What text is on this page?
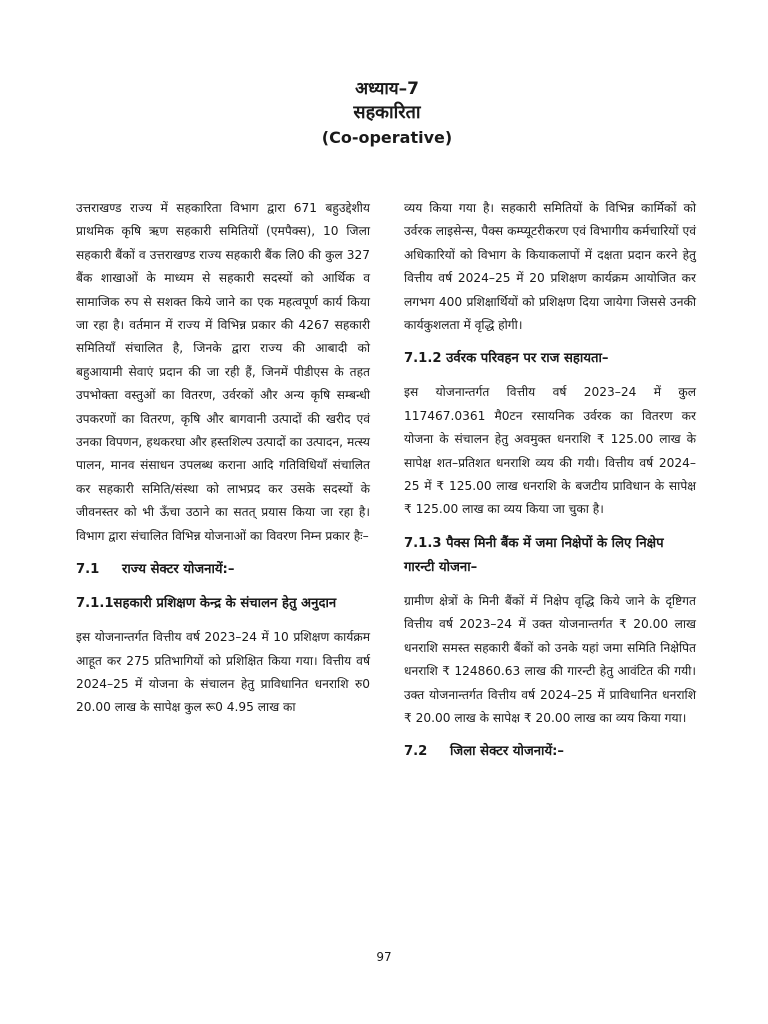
अध्याय–7
सहकारिता
(Co-operative)

उत्तराखण्ड राज्य में सहकारिता विभाग द्वारा 671 बहुउद्देशीय प्राथमिक कृषि ऋण सहकारी समितियों (एमपैक्स), 10 जिला सहकारी बैंकों व उत्तराखण्ड राज्य सहकारी बैंक लि0 की कुल 327 बैंक शाखाओं के माध्यम से सहकारी सदस्यों को आर्थिक व सामाजिक रुप से सशक्त किये जाने का एक महत्वपूर्ण कार्य किया जा रहा है। वर्तमान में राज्य में विभिन्न प्रकार की 4267 सहकारी समितियाँ संचालित है, जिनके द्वारा राज्य की आबादी को बहुआयामी सेवाएं प्रदान की जा रही हैं, जिनमें पीडीएस के तहत उपभोक्ता वस्तुओं का वितरण, उर्वरकों और अन्य कृषि सम्बन्धी उपकरणों का वितरण, कृषि और बागवानी उत्पादों की खरीद एवं उनका विपणन, हथकरघा और हस्तशिल्प उत्पादों का उत्पादन, मत्स्य पालन, मानव संसाधन उपलब्ध कराना आदि गतिविधियाँ संचालित कर सहकारी समिति/संस्था को लाभप्रद कर उसके सदस्यों के जीवनस्तर को भी ऊँचा उठाने का सतत् प्रयास किया जा रहा है। विभाग द्वारा संचालित विभिन्न योजनाओं का विवरण निम्न प्रकार हैः–

7.1 राज्य सेक्टर योजनायें:–
7.1.1सहकारी प्रशिक्षण केन्द्र के संचालन हेतु अनुदान

इस योजनान्तर्गत वित्तीय वर्ष 2023–24 में 10 प्रशिक्षण कार्यक्रम आहूत कर 275 प्रतिभागियों को प्रशिक्षित किया गया। वित्तीय वर्ष 2024–25 में योजना के संचालन हेतु प्राविधानित धनराशि रु0 20.00 लाख के सापेक्ष कुल रू0 4.95 लाख का

व्यय किया गया है। सहकारी समितियों के विभिन्न कार्मिकों को उर्वरक लाइसेन्स, पैक्स कम्प्यूटरीकरण एवं विभागीय कर्मचारियों एवं अधिकारियों को विभाग के कियाकलापों में दक्षता प्रदान करने हेतु वित्तीय वर्ष 2024–25 में 20 प्रशिक्षण कार्यक्रम आयोजित कर लगभग 400 प्रशिक्षार्थियों को प्रशिक्षण दिया जायेगा जिससे उनकी कार्यकुशलता में वृद्धि होगी।

7.1.2 उर्वरक परिवहन पर राज सहायता–

इस योजनान्तर्गत वित्तीय वर्ष 2023–24 में कुल 117467.0361 मै0टन रसायनिक उर्वरक का वितरण कर योजना के संचालन हेतु अवमुक्त धनराशि ₹ 125.00 लाख के सापेक्ष शत–प्रतिशत धनराशि व्यय की गयी। वित्तीय वर्ष 2024–25 में ₹ 125.00 लाख धनराशि के बजटीय प्राविधान के सापेक्ष ₹ 125.00 लाख का व्यय किया जा चुका है।

7.1.3 पैक्स मिनी बैंक में जमा निक्षेपों के लिए निक्षेप गारन्टी योजना–

ग्रामीण क्षेत्रों के मिनी बैंकों में निक्षेप वृद्धि किये जाने के दृष्टिगत वित्तीय वर्ष 2023–24 में उक्त योजनान्तर्गत ₹ 20.00 लाख धनराशि समस्त सहकारी बैंकों को उनके यहां जमा समिति निक्षेपित धनराशि ₹ 124860.63 लाख की गारन्टी हेतु आवंटित की गयी। उक्त योजनान्तर्गत वित्तीय वर्ष 2024–25 में प्राविधानित धनराशि ₹ 20.00 लाख के सापेक्ष ₹ 20.00 लाख का व्यय किया गया।

7.2 जिला सेक्टर योजनायें:–
97
